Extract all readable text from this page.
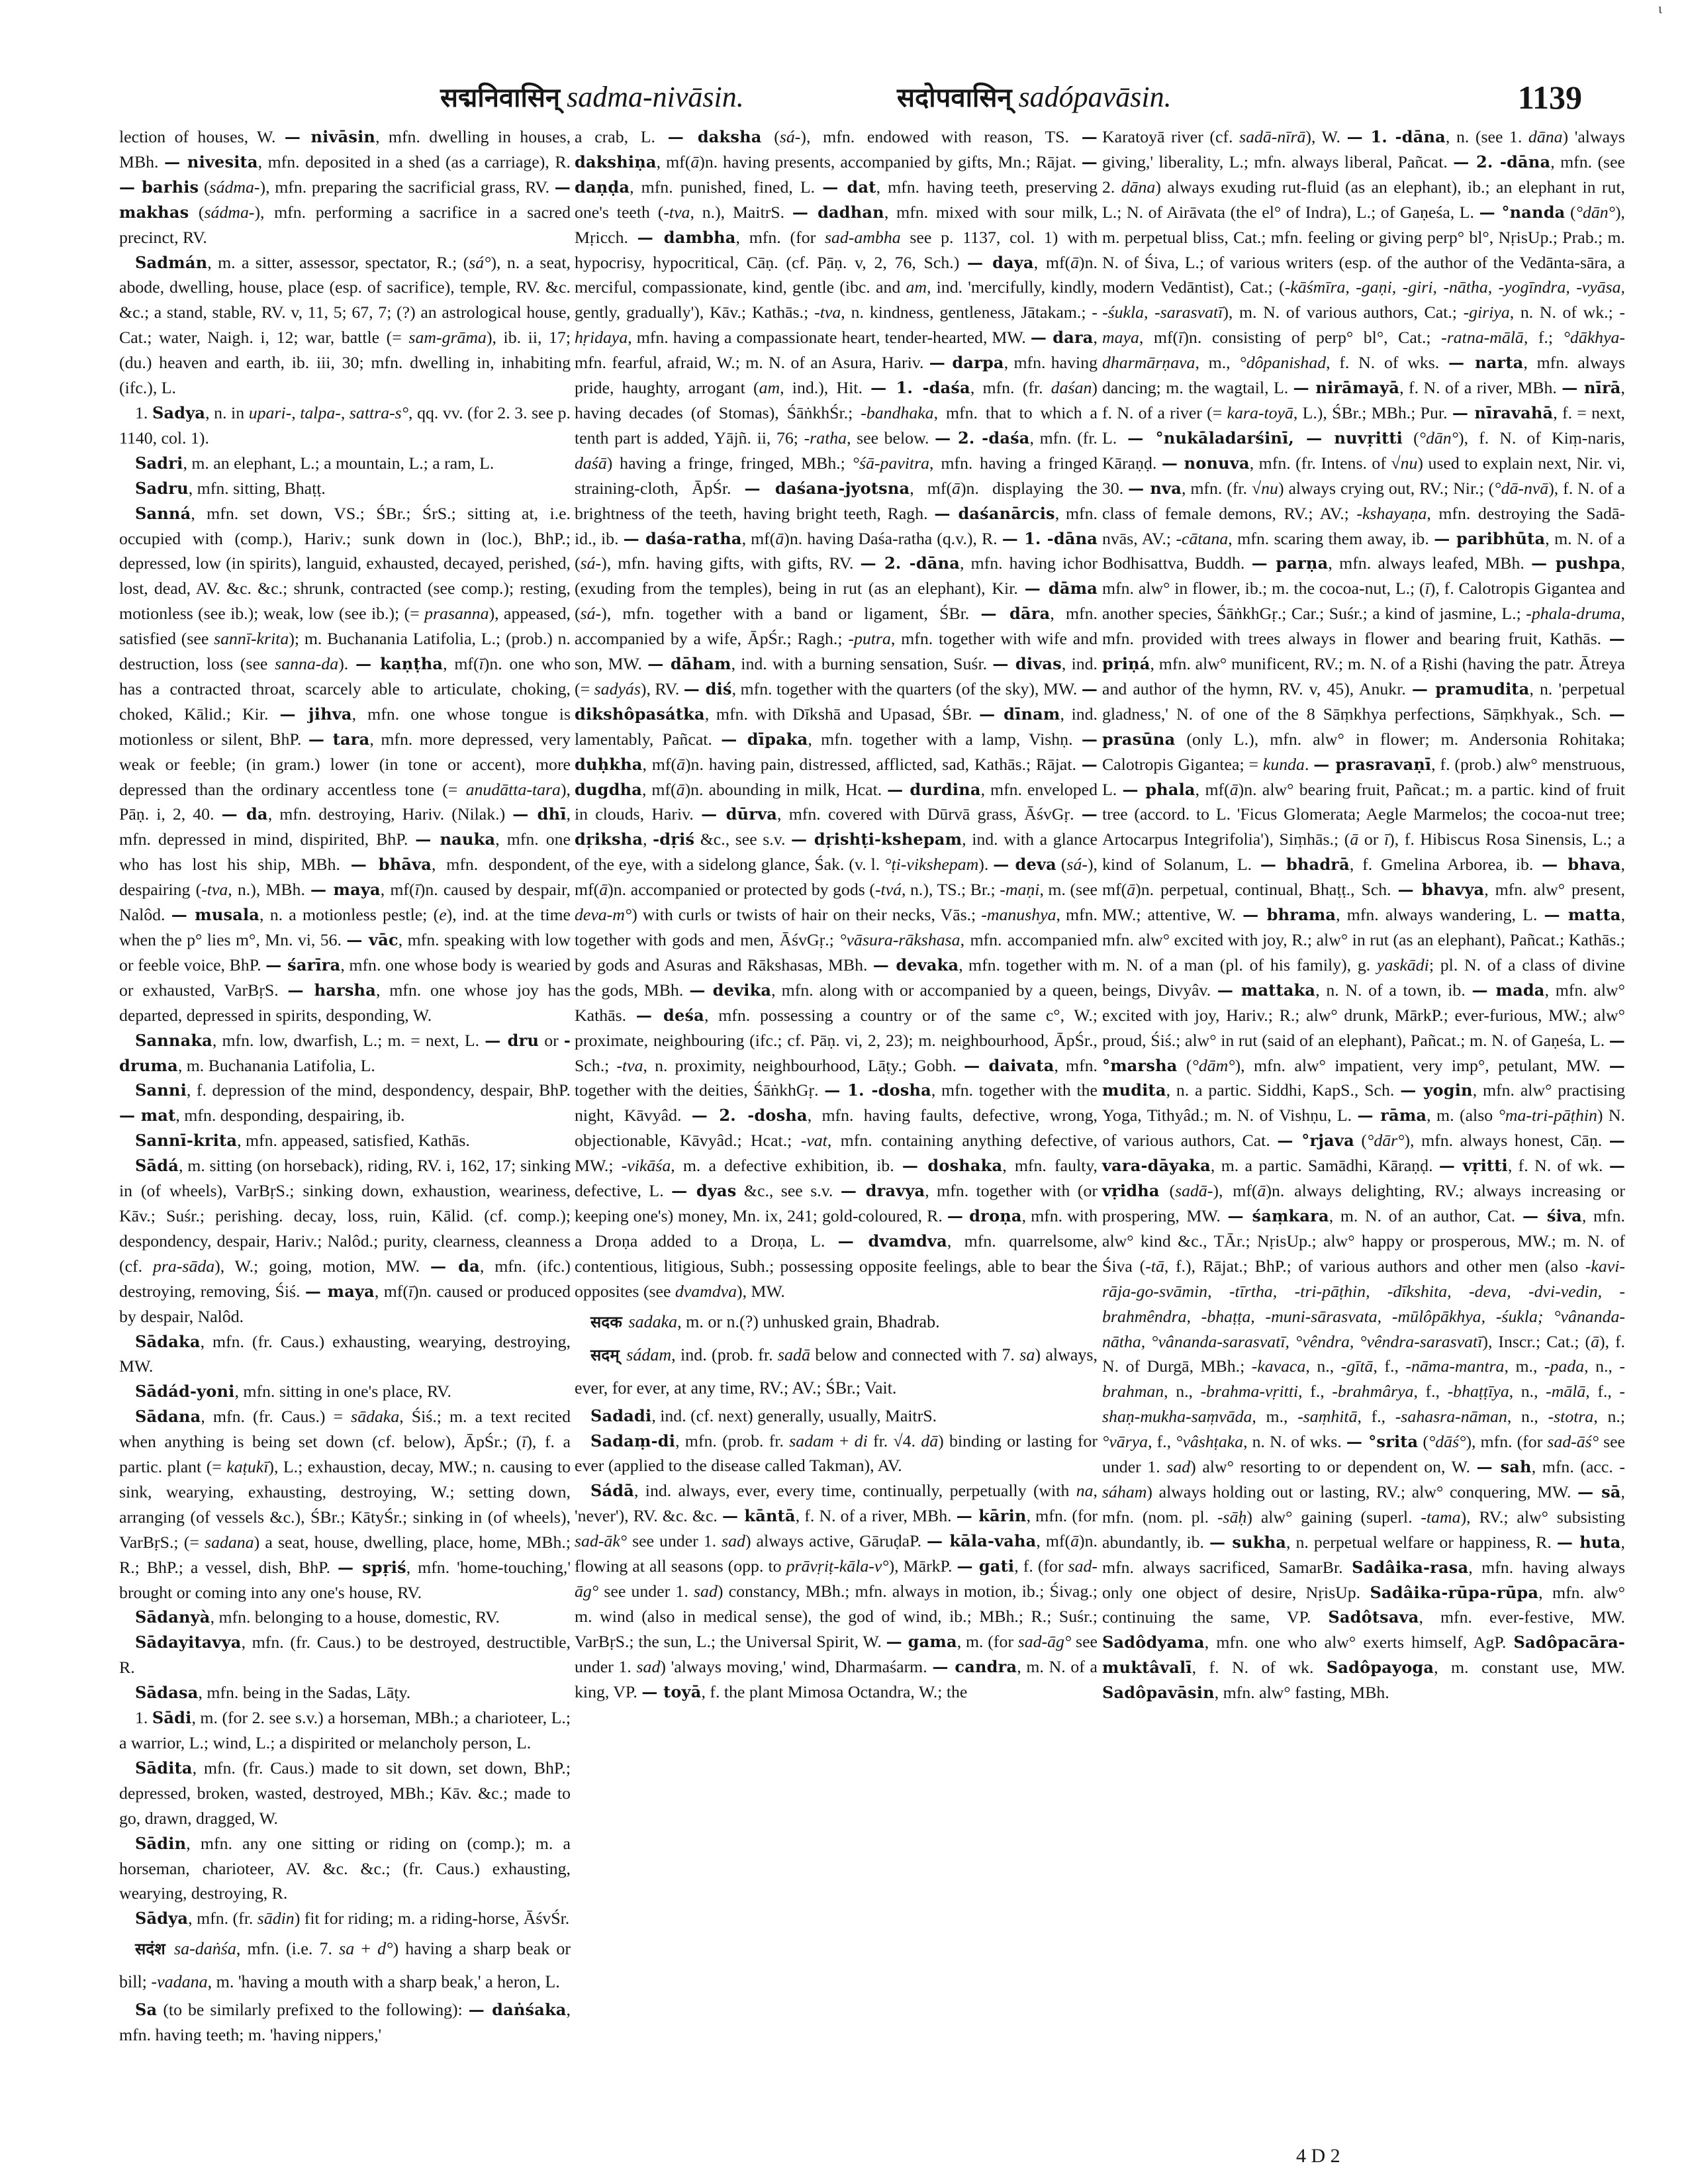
सद्मनिवासिन् sadma-nivāsin.	सदोपवासिन् sadópavāsin.	1139

lection of houses, W. — nivāsin, mfn. dwelling in houses, MBh. — nivesita, mfn. deposited in a shed (as a carriage), R. — barhis (sádma-), mfn. preparing the sacrificial grass, RV. — makhas (sádma-), mfn. performing a sacrifice in a sacred precinct, RV.

Sadmán, m. a sitter, assessor, spectator, R.; (sá°), n. a seat, abode, dwelling, house, place (esp. of sacrifice), temple, RV. &c. &c.; a stand, stable, RV. v, 11, 5; 67, 7; (?) an astrological house, Cat.; water, Naigh. i, 12; war, battle (= sam-grāma), ib. ii, 17; (du.) heaven and earth, ib. iii, 30; mfn. dwelling in, inhabiting (ifc.), L.

1. Sadya, n. in upari-, talpa-, sattra-s°, qq. vv. (for 2. 3. see p. 1140, col. 1).

Sadri, m. an elephant, L.; a mountain, L.; a ram, L.

Sadru, mfn. sitting, Bhaṭṭ.

Sanná, mfn. set down, VS.; ŚBr.; ŚrS.; sitting at, i.e. occupied with (comp.), Hariv.; sunk down in (loc.), BhP.; depressed, low (in spirits), languid, exhausted, decayed, perished, lost, dead, AV. &c. &c.; shrunk, contracted (see comp.); resting, motionless (see ib.); weak, low (see ib.); (= prasanna), appeased, satisfied (see sannī-krita); m. Buchanania Latifolia, L.; (prob.) n. destruction, loss (see sanna-da). — kaṇṭha, mf(ī)n. one who has a contracted throat, scarcely able to articulate, choking, choked, Kālid.; Kir. — jihva, mfn. one whose tongue is motionless or silent, BhP. — tara, mfn. more depressed, very weak or feeble; (in gram.) lower (in tone or accent), more depressed than the ordinary accentless tone (= anudātta-tara), Pāṇ. i, 2, 40. — da, mfn. destroying, Hariv. (Nilak.) — dhī, mfn. depressed in mind, dispirited, BhP. — nauka, mfn. one who has lost his ship, MBh. — bhāva, mfn. despondent, despairing (-tva, n.), MBh. — maya, mf(ī)n. caused by despair, Nalôd. — musala, n. a motionless pestle; (e), ind. at the time when the p° lies m°, Mn. vi, 56. — vāc, mfn. speaking with low or feeble voice, BhP. — śarīra, mfn. one whose body is wearied or exhausted, VarBṛS. — harsha, mfn. one whose joy has departed, depressed in spirits, desponding, W.

Sannaka, mfn. low, dwarfish, L.; m. = next, L. — dru or -druma, m. Buchanania Latifolia, L.

Sanni, f. depression of the mind, despondency, despair, BhP. — mat, mfn. desponding, despairing, ib.

Sannī-krita, mfn. appeased, satisfied, Kathās.

Sādá, m. sitting (on horseback), riding, RV. i, 162, 17; sinking in (of wheels), VarBṛS.; sinking down, exhaustion, weariness, Kāv.; Suśr.; perishing. decay, loss, ruin, Kālid. (cf. comp.); despondency, despair, Hariv.; Nalôd.; purity, clearness, cleanness (cf. pra-sāda), W.; going, motion, MW. — da, mfn. (ifc.) destroying, removing, Śiś. — maya, mf(ī)n. caused or produced by despair, Nalôd.

Sādaka, mfn. (fr. Caus.) exhausting, wearying, destroying, MW.

Sādád-yoni, mfn. sitting in one's place, RV.

Sādana, mfn. (fr. Caus.) = sādaka, Śiś.; m. a text recited when anything is being set down (cf. below), ĀpŚr.; (ī), f. a partic. plant (= kaṭukī), L.; exhaustion, decay, MW.; n. causing to sink, wearying, exhausting, destroying, W.; setting down, arranging (of vessels &c.), ŚBr.; KātyŚr.; sinking in (of wheels), VarBṛS.; (= sadana) a seat, house, dwelling, place, home, MBh.; R.; BhP.; a vessel, dish, BhP. — spṛiś, mfn. 'home-touching,' brought or coming into any one's house, RV.

Sādanyà, mfn. belonging to a house, domestic, RV.

Sādayitavya, mfn. (fr. Caus.) to be destroyed, destructible, R.

Sādasa, mfn. being in the Sadas, Lāṭy.

1. Sādi, m. (for 2. see s.v.) a horseman, MBh.; a charioteer, L.; a warrior, L.; wind, L.; a dispirited or melancholy person, L.

Sādita, mfn. (fr. Caus.) made to sit down, set down, BhP.; depressed, broken, wasted, destroyed, MBh.; Kāv. &c.; made to go, drawn, dragged, W.

Sādin, mfn. any one sitting or riding on (comp.); m. a horseman, charioteer, AV. &c. &c.; (fr. Caus.) exhausting, wearying, destroying, R.

Sādya, mfn. (fr. sādin) fit for riding; m. a riding-horse, ĀśvŚr.

सदंश sa-daṅśa, mfn. (i.e. 7. sa + d°) having a sharp beak or bill; -vadana, m. 'having a mouth with a sharp beak,' a heron, L.

Sa (to be similarly prefixed to the following): — daṅśaka, mfn. having teeth; m. 'having nippers,'

a crab, L. — daksha (sá-), mfn. endowed with reason, TS. — dakshiṇa, mf(ā)n. having presents, accompanied by gifts, Mn.; Rājat. — daṇḍa, mfn. punished, fined, L. — dat, mfn. having teeth, preserving one's teeth (-tva, n.), MaitrS. — dadhan, mfn. mixed with sour milk, Mṛicch. — dambha, mfn. (for sad-ambha see p. 1137, col. 1) with hypocrisy, hypocritical, Cāṇ. (cf. Pāṇ. v, 2, 76, Sch.) — daya, mf(ā)n. merciful, compassionate, kind, gentle (ibc. and am, ind. 'mercifully, kindly, gently, gradually'), Kāv.; Kathās.; -tva, n. kindness, gentleness, Jātakam.; -hṛidaya, mfn. having a compassionate heart, tender-hearted, MW. — dara, mfn. fearful, afraid, W.; m. N. of an Asura, Hariv. — darpa, mfn. having pride, haughty, arrogant (am, ind.), Hit. — 1. -daśa, mfn. (fr. daśan) having decades (of Stomas), ŚāṅkhŚr.; -bandhaka, mfn. that to which a tenth part is added, Yājñ. ii, 76; -ratha, see below. — 2. -daśa, mfn. (fr. daśā) having a fringe, fringed, MBh.; °śā-pavitra, mfn. having a fringed straining-cloth, ĀpŚr. — daśana-jyotsna, mf(ā)n. displaying the brightness of the teeth, having bright teeth, Ragh. — daśanārcis, mfn. id., ib. — daśa-ratha, mf(ā)n. having Daśa-ratha (q.v.), R. — 1. -dāna (sá-), mfn. having gifts, with gifts, RV. — 2. -dāna, mfn. having ichor (exuding from the temples), being in rut (as an elephant), Kir. — dāma (sá-), mfn. together with a band or ligament, ŚBr. — dāra, mfn. accompanied by a wife, ĀpŚr.; Ragh.; -putra, mfn. together with wife and son, MW. — dāham, ind. with a burning sensation, Suśr. — divas, ind. (= sadyás), RV. — diś, mfn. together with the quarters (of the sky), MW. — dikshôpasátka, mfn. with Dīkshā and Upasad, ŚBr. — dīnam, ind. lamentably, Pañcat. — dīpaka, mfn. together with a lamp, Vishṇ. — duḥkha, mf(ā)n. having pain, distressed, afflicted, sad, Kathās.; Rājat. — dugdha, mf(ā)n. abounding in milk, Hcat. — durdina, mfn. enveloped in clouds, Hariv. — dūrva, mfn. covered with Dūrvā grass, ĀśvGṛ. — dṛiksha, -dṛiś &c., see s.v. — dṛishṭi-kshepam, ind. with a glance of the eye, with a sidelong glance, Śak. (v. l. °ṭi-vikshepam). — deva (sá-), mf(ā)n. accompanied or protected by gods (-tvá, n.), TS.; Br.; -maṇi, m. (see deva-m°) with curls or twists of hair on their necks, Vās.; -manushya, mfn. together with gods and men, ĀśvGṛ.; °vāsura-rākshasa, mfn. accompanied by gods and Asuras and Rākshasas, MBh. — devaka, mfn. together with the gods, MBh. — devika, mfn. along with or accompanied by a queen, Kathās. — deśa, mfn. possessing a country or of the same c°, W.; proximate, neighbouring (ifc.; cf. Pāṇ. vi, 2, 23); m. neighbourhood, ĀpŚr., Sch.; -tva, n. proximity, neighbourhood, Lāṭy.; Gobh. — daivata, mfn. together with the deities, ŚāṅkhGṛ. — 1. -dosha, mfn. together with the night, Kāvyâd. — 2. -dosha, mfn. having faults, defective, wrong, objectionable, Kāvyâd.; Hcat.; -vat, mfn. containing anything defective, MW.; -vikāśa, m. a defective exhibition, ib. — doshaka, mfn. faulty, defective, L. — dyas &c., see s.v. — dravya, mfn. together with (or keeping one's) money, Mn. ix, 241; gold-coloured, R. — droṇa, mfn. with a Droṇa added to a Droṇa, L. — dvamdva, mfn. quarrelsome, contentious, litigious, Subh.; possessing opposite feelings, able to bear the opposites (see dvamdva), MW.

सदक sadaka, m. or n.(?) unhusked grain, Bhadrab.

सदम् sádam, ind. (prob. fr. sadā below and connected with 7. sa) always, ever, for ever, at any time, RV.; AV.; ŚBr.; Vait.

Sadadi, ind. (cf. next) generally, usually, MaitrS.

Sadaṃ-di, mfn. (prob. fr. sadam + di fr. √4. dā) binding or lasting for ever (applied to the disease called Takman), AV.

Sádā, ind. always, ever, every time, continually, perpetually (with na, 'never'), RV. &c. &c. — kāntā, f. N. of a river, MBh. — kārin, mfn. (for sad-āk° see under 1. sad) always active, GāruḍaP. — kāla-vaha, mf(ā)n. flowing at all seasons (opp. to prāvṛiṭ-kāla-v°), MārkP. — gati, f. (for sad-āg° see under 1. sad) constancy, MBh.; mfn. always in motion, ib.; Śivag.; m. wind (also in medical sense), the god of wind, ib.; MBh.; R.; Suśr.; VarBṛS.; the sun, L.; the Universal Spirit, W. — gama, m. (for sad-āg° see under 1. sad) 'always moving,' wind, Dharmaśarm. — candra, m. N. of a king, VP. — toyā, f. the plant Mimosa Octandra, W.; the

Karatoyā river (cf. sadā-nīrā), W. — 1. -dāna, n. (see 1. dāna) 'always giving,' liberality, L.; mfn. always liberal, Pañcat. — 2. -dāna, mfn. (see 2. dāna) always exuding rut-fluid (as an elephant), ib.; an elephant in rut, L.; N. of Airāvata (the el° of Indra), L.; of Gaṇeśa, L. — °nanda (°dān°), m. perpetual bliss, Cat.; mfn. feeling or giving perp° bl°, NṛisUp.; Prab.; m. N. of Śiva, L.; of various writers (esp. of the author of the Vedānta-sāra, a modern Vedāntist), Cat.; (-kāśmīra, -gaṇi, -giri, -nātha, -yogīndra, -vyāsa, -śukla, -sarasvatī), m. N. of various authors, Cat.; -giriya, n. N. of wk.; -maya, mf(ī)n. consisting of perp° bl°, Cat.; -ratna-mālā, f.; °dākhya-dharmārṇava, m., °dôpanishad, f. N. of wks. — narta, mfn. always dancing; m. the wagtail, L. — nirāmayā, f. N. of a river, MBh. — nīrā, f. N. of a river (= kara-toyā, L.), ŚBr.; MBh.; Pur. — nīravahā, f. = next, L. — °nukāladarśinī, — nuvṛitti (°dān°), f. N. of Kiṃ-naris, Kāraṇḍ. — nonuva, mfn. (fr. Intens. of √nu) used to explain next, Nir. vi, 30. — nva, mfn. (fr. √nu) always crying out, RV.; Nir.; (°dā-nvā), f. N. of a class of female demons, RV.; AV.; -kshayaṇa, mfn. destroying the Sadā-nvās, AV.; -cātana, mfn. scaring them away, ib. — paribhūta, m. N. of a Bodhisattva, Buddh. — parṇa, mfn. always leafed, MBh. — pushpa, mfn. alw° in flower, ib.; m. the cocoa-nut, L.; (ī), f. Calotropis Gigantea and another species, ŚāṅkhGṛ.; Car.; Suśr.; a kind of jasmine, L.; -phala-druma, mfn. provided with trees always in flower and bearing fruit, Kathās. — priṇá, mfn. alw° munificent, RV.; m. N. of a Ṛishi (having the patr. Ātreya and author of the hymn, RV. v, 45), Anukr. — pramudita, n. 'perpetual gladness,' N. of one of the 8 Sāṃkhya perfections, Sāṃkhyak., Sch. — prasūna (only L.), mfn. alw° in flower; m. Andersonia Rohitaka; Calotropis Gigantea; = kunda. — prasravaṇī, f. (prob.) alw° menstruous, L. — phala, mf(ā)n. alw° bearing fruit, Pañcat.; m. a partic. kind of fruit tree (accord. to L. 'Ficus Glomerata; Aegle Marmelos; the cocoa-nut tree; Artocarpus Integrifolia'), Siṃhās.; (ā or ī), f. Hibiscus Rosa Sinensis, L.; a kind of Solanum, L. — bhadrā, f. Gmelina Arborea, ib. — bhava, mf(ā)n. perpetual, continual, Bhaṭṭ., Sch. — bhavya, mfn. alw° present, MW.; attentive, W. — bhrama, mfn. always wandering, L. — matta, mfn. alw° excited with joy, R.; alw° in rut (as an elephant), Pañcat.; Kathās.; m. N. of a man (pl. of his family), g. yaskādi; pl. N. of a class of divine beings, Divyâv. — mattaka, n. N. of a town, ib. — mada, mfn. alw° excited with joy, Hariv.; R.; alw° drunk, MārkP.; ever-furious, MW.; alw° proud, Śiś.; alw° in rut (said of an elephant), Pañcat.; m. N. of Gaṇeśa, L. — °marsha (°dām°), mfn. alw° impatient, very imp°, petulant, MW. — mudita, n. a partic. Siddhi, KapS., Sch. — yogin, mfn. alw° practising Yoga, Tithyâd.; m. N. of Vishṇu, L. — rāma, m. (also °ma-tri-pāṭhin) N. of various authors, Cat. — °rjava (°dār°), mfn. always honest, Cāṇ. — vara-dāyaka, m. a partic. Samādhi, Kāraṇḍ. — vṛitti, f. N. of wk. — vṛidha (sadā-), mf(ā)n. always delighting, RV.; always increasing or prospering, MW. — śaṃkara, m. N. of an author, Cat. — śiva, mfn. alw° kind &c., TĀr.; NṛisUp.; alw° happy or prosperous, MW.; m. N. of Śiva (-tā, f.), Rājat.; BhP.; of various authors and other men (also -kavi-rāja-go-svāmin, -tīrtha, -tri-pāṭhin, -dīkshita, -deva, -dvi-vedin, -brahmêndra, -bhaṭṭa, -muni-sārasvata, -mūlôpākhya, -śukla; °vânanda-nātha, °vânanda-sarasvatī, °vêndra, °vêndra-sarasvatī), Inscr.; Cat.; (ā), f. N. of Durgā, MBh.; -kavaca, n., -gītā, f., -nāma-mantra, m., -pada, n., -brahman, n., -brahma-vṛitti, f., -brahmârya, f., -bhaṭṭīya, n., -mālā, f., -shaṇ-mukha-saṃvāda, m., -saṃhitā, f., -sahasra-nāman, n., -stotra, n.; °vārya, f., °vâshṭaka, n. N. of wks. — °srita (°dāś°), mfn. (for sad-āś° see under 1. sad) alw° resorting to or dependent on, W. — sah, mfn. (acc. -sáham) always holding out or lasting, RV.; alw° conquering, MW. — sā, mfn. (nom. pl. -sāḥ) alw° gaining (superl. -tama), RV.; alw° subsisting abundantly, ib. — sukha, n. perpetual welfare or happiness, R. — huta, mfn. always sacrificed, SamarBr. Sadâika-rasa, mfn. having always only one object of desire, NṛisUp. Sadâika-rūpa-rūpa, mfn. alw° continuing the same, VP. Sadôtsava, mfn. ever-festive, MW. Sadôdyama, mfn. one who alw° exerts himself, AgP. Sadôpacāra-muktâvalī, f. N. of wk. Sadôpayoga, m. constant use, MW. Sadôpavāsin, mfn. alw° fasting, MBh.

4 D 2
ι
